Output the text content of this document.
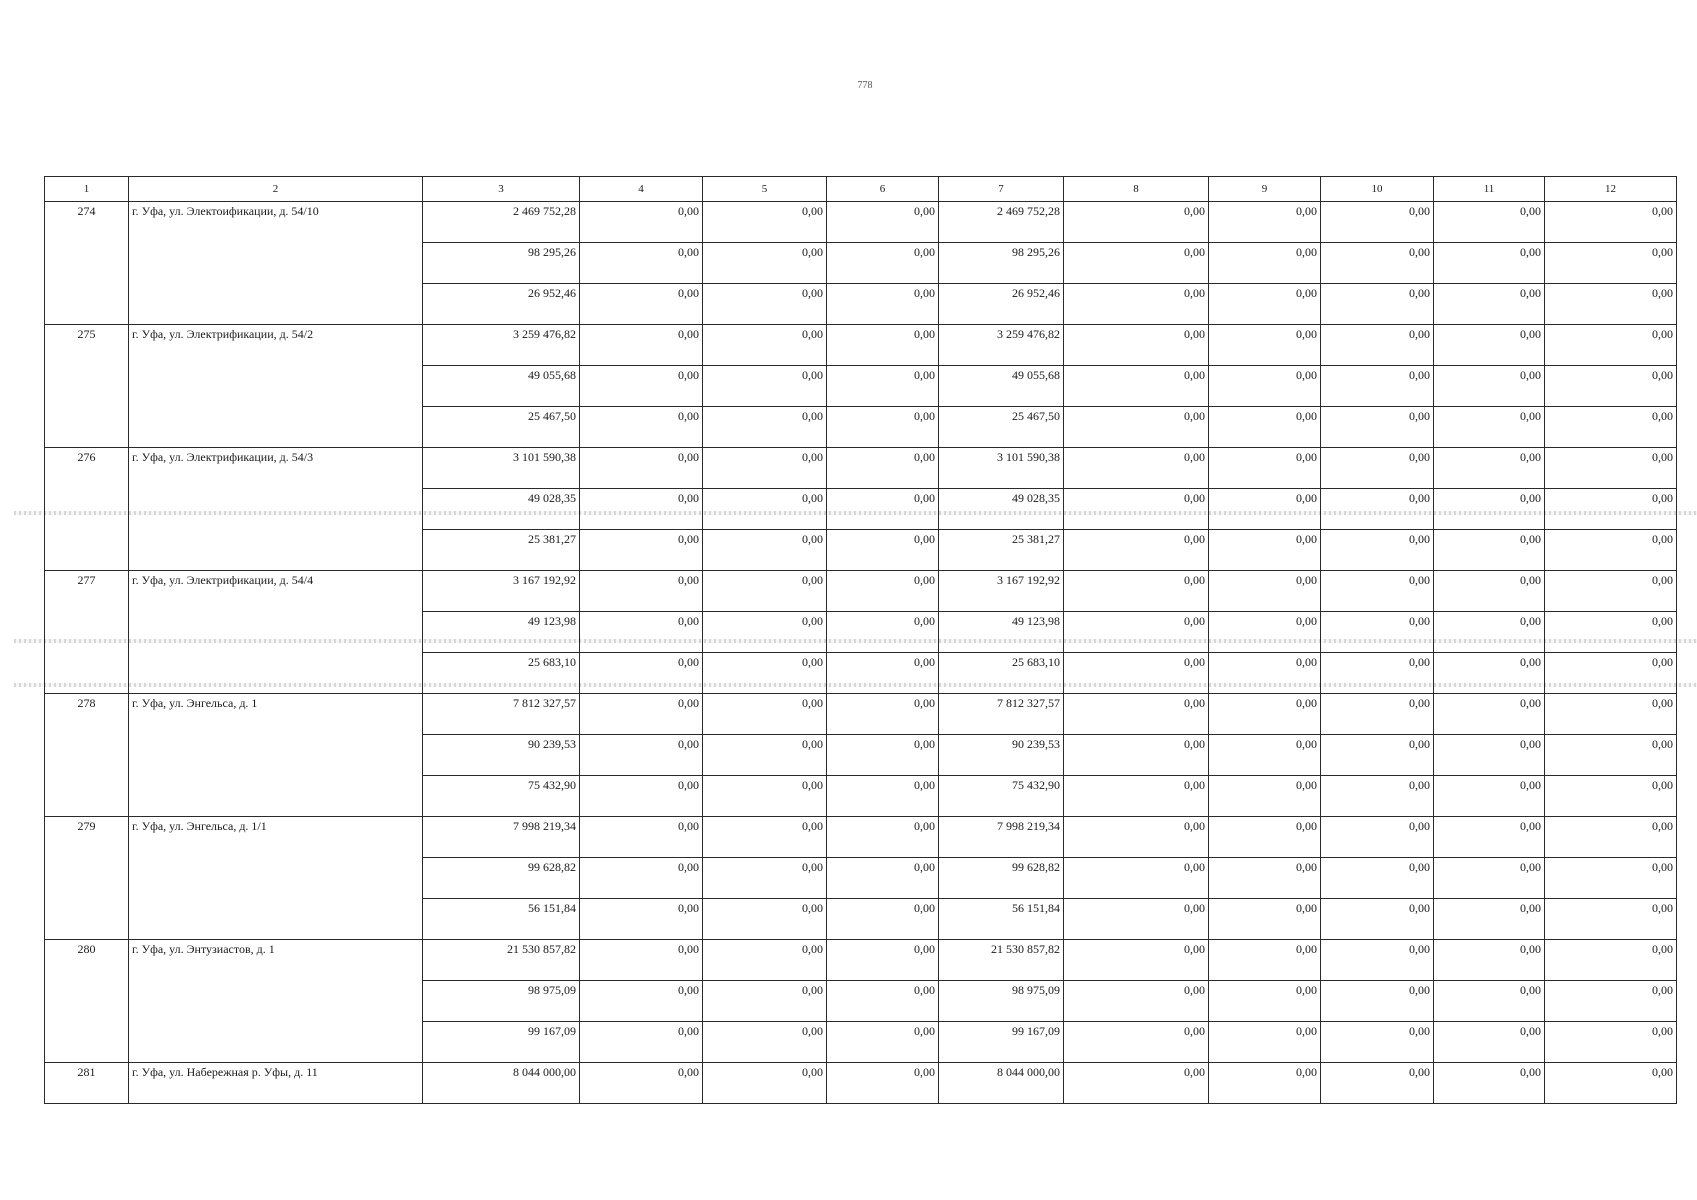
778
1	2	3	4	5	6	7	8	9	10	11	12
274	г. Уфа, ул. Электоификации, д. 54/10	2 469 752,28	0,00	0,00	0,00	2 469 752,28	0,00	0,00	0,00	0,00	0,00
		98 295,26	0,00	0,00	0,00	98 295,26	0,00	0,00	0,00	0,00	0,00
		26 952,46	0,00	0,00	0,00	26 952,46	0,00	0,00	0,00	0,00	0,00
275	г. Уфа, ул. Электрификации, д. 54/2	3 259 476,82	0,00	0,00	0,00	3 259 476,82	0,00	0,00	0,00	0,00	0,00
		49 055,68	0,00	0,00	0,00	49 055,68	0,00	0,00	0,00	0,00	0,00
		25 467,50	0,00	0,00	0,00	25 467,50	0,00	0,00	0,00	0,00	0,00
276	г. Уфа, ул. Электрификации, д. 54/3	3 101 590,38	0,00	0,00	0,00	3 101 590,38	0,00	0,00	0,00	0,00	0,00
		49 028,35	0,00	0,00	0,00	49 028,35	0,00	0,00	0,00	0,00	0,00
		25 381,27	0,00	0,00	0,00	25 381,27	0,00	0,00	0,00	0,00	0,00
277	г. Уфа, ул. Электрификации, д. 54/4	3 167 192,92	0,00	0,00	0,00	3 167 192,92	0,00	0,00	0,00	0,00	0,00
		49 123,98	0,00	0,00	0,00	49 123,98	0,00	0,00	0,00	0,00	0,00
		25 683,10	0,00	0,00	0,00	25 683,10	0,00	0,00	0,00	0,00	0,00
278	г. Уфа, ул. Энгельса, д. 1	7 812 327,57	0,00	0,00	0,00	7 812 327,57	0,00	0,00	0,00	0,00	0,00
		90 239,53	0,00	0,00	0,00	90 239,53	0,00	0,00	0,00	0,00	0,00
		75 432,90	0,00	0,00	0,00	75 432,90	0,00	0,00	0,00	0,00	0,00
279	г. Уфа, ул. Энгельса, д. 1/1	7 998 219,34	0,00	0,00	0,00	7 998 219,34	0,00	0,00	0,00	0,00	0,00
		99 628,82	0,00	0,00	0,00	99 628,82	0,00	0,00	0,00	0,00	0,00
		56 151,84	0,00	0,00	0,00	56 151,84	0,00	0,00	0,00	0,00	0,00
280	г. Уфа, ул. Энтузиастов, д. 1	21 530 857,82	0,00	0,00	0,00	21 530 857,82	0,00	0,00	0,00	0,00	0,00
		98 975,09	0,00	0,00	0,00	98 975,09	0,00	0,00	0,00	0,00	0,00
		99 167,09	0,00	0,00	0,00	99 167,09	0,00	0,00	0,00	0,00	0,00
281	г. Уфа, ул. Набережная р. Уфы, д. 11	8 044 000,00	0,00	0,00	0,00	8 044 000,00	0,00	0,00	0,00	0,00	0,00
